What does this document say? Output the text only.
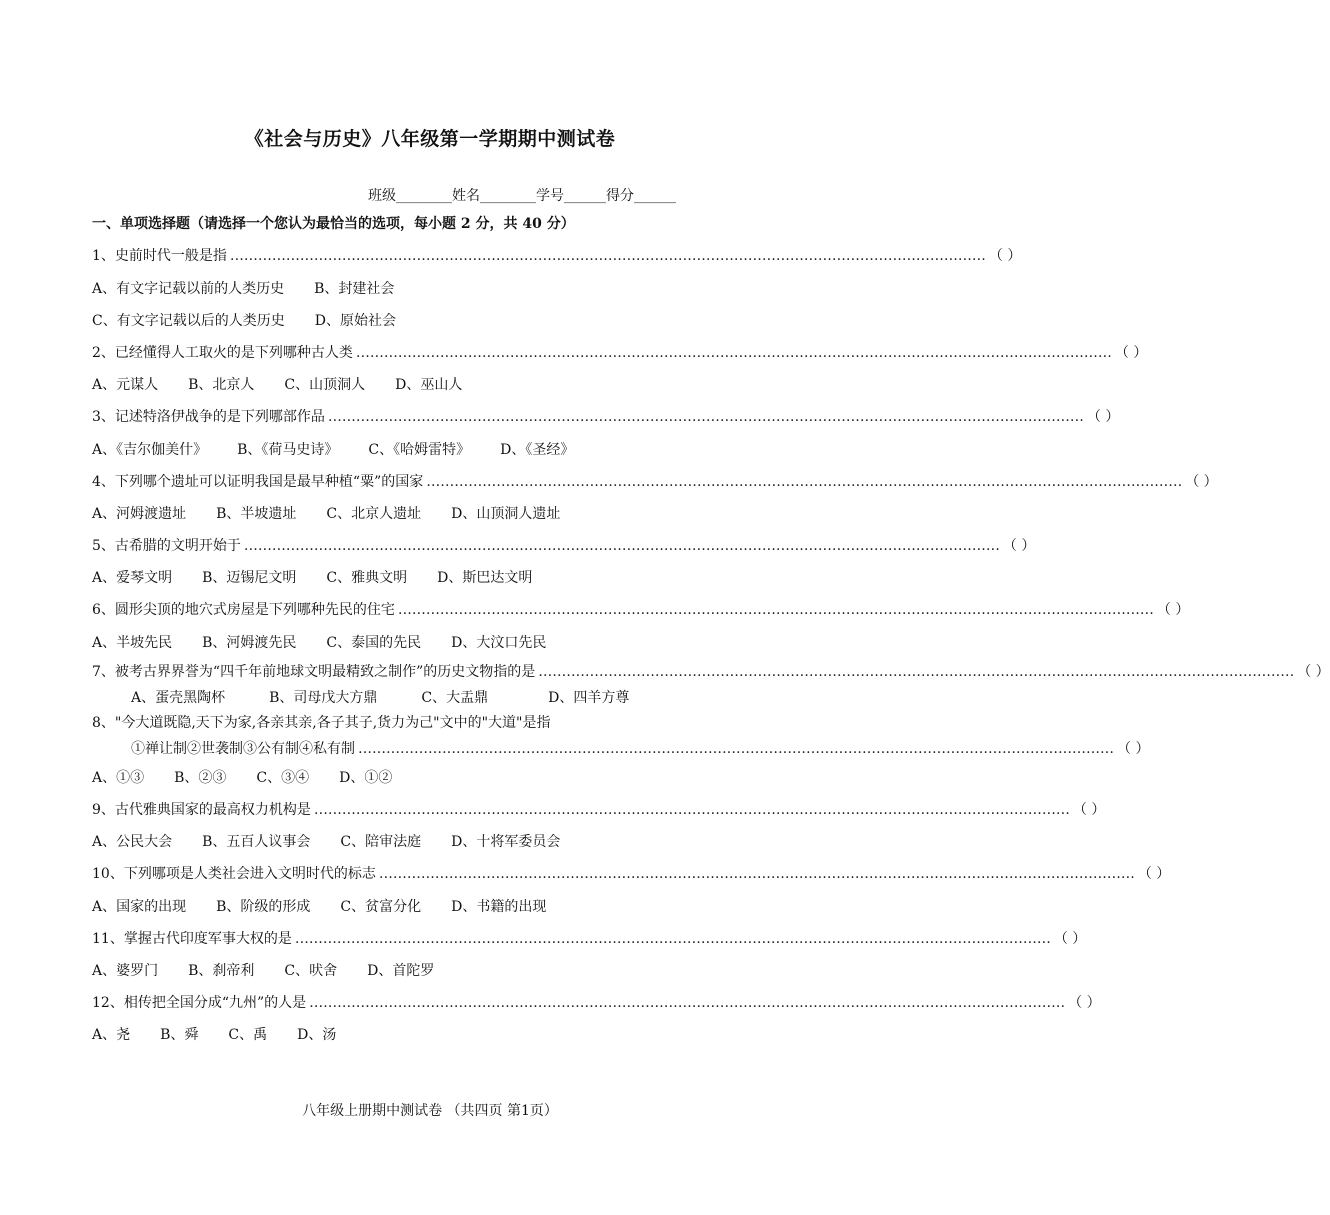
《社会与历史》八年级第一学期期中测试卷
班级________姓名________学号______得分______
一、单项选择题（请选择一个您认为最恰当的选项，每小题 2 分，共 40 分）
1、史前时代一般是指 ……………………………………………………………………………………………………………………………………………… （ ）
A、有文字记载以前的人类历史 B、封建社会
C、有文字记载以后的人类历史 D、原始社会
2、已经懂得人工取火的是下列哪种古人类 ……………………………………………………………………………………………………………………………………………… （ ）
A、元谋人 B、北京人 C、山顶洞人 D、巫山人
3、记述特洛伊战争的是下列哪部作品 ……………………………………………………………………………………………………………………………………………… （ ）
A、《吉尔伽美什》 B、《荷马史诗》 C、《哈姆雷特》 D、《圣经》
4、下列哪个遗址可以证明我国是最早种植“粟”的国家 ……………………………………………………………………………………………………………………………………………… （ ）
A、河姆渡遗址 B、半坡遗址 C、北京人遗址 D、山顶洞人遗址
5、古希腊的文明开始于 ……………………………………………………………………………………………………………………………………………… （ ）
A、爱琴文明 B、迈锡尼文明 C、雅典文明 D、斯巴达文明
6、圆形尖顶的地穴式房屋是下列哪种先民的住宅 ……………………………………………………………………………………………………………………………………………… （ ）
A、半坡先民 B、河姆渡先民 C、泰国的先民 D、大汶口先民
7、被考古界界誉为“四千年前地球文明最精致之制作”的历史文物指的是 ……………………………………………………………………………………………………………………………………………… （ ）
A、蛋壳黑陶杯	B、司母戊大方鼎	C、大盂鼎	D、四羊方尊
8、"今大道既隐,天下为家,各亲其亲,各子其子,货力为己"文中的"大道"是指
①禅让制②世袭制③公有制④私有制 ……………………………………………………………………………………………………………………………………………… （ ）
A、①③ B、②③ C、③④ D、①②
9、古代雅典国家的最高权力机构是 ……………………………………………………………………………………………………………………………………………… （ ）
A、公民大会 B、五百人议事会 C、陪审法庭 D、十将军委员会
10、下列哪项是人类社会进入文明时代的标志 ……………………………………………………………………………………………………………………………………………… （ ）
A、国家的出现 B、阶级的形成 C、贫富分化 D、书籍的出现
11、掌握古代印度军事大权的是 ……………………………………………………………………………………………………………………………………………… （ ）
A、婆罗门 B、刹帝利 C、吠舍 D、首陀罗
12、相传把全国分成“九州”的人是 ……………………………………………………………………………………………………………………………………………… （ ）
A、尧 B、舜 C、禹 D、汤
八年级上册期中测试卷 （共四页 第1页）
